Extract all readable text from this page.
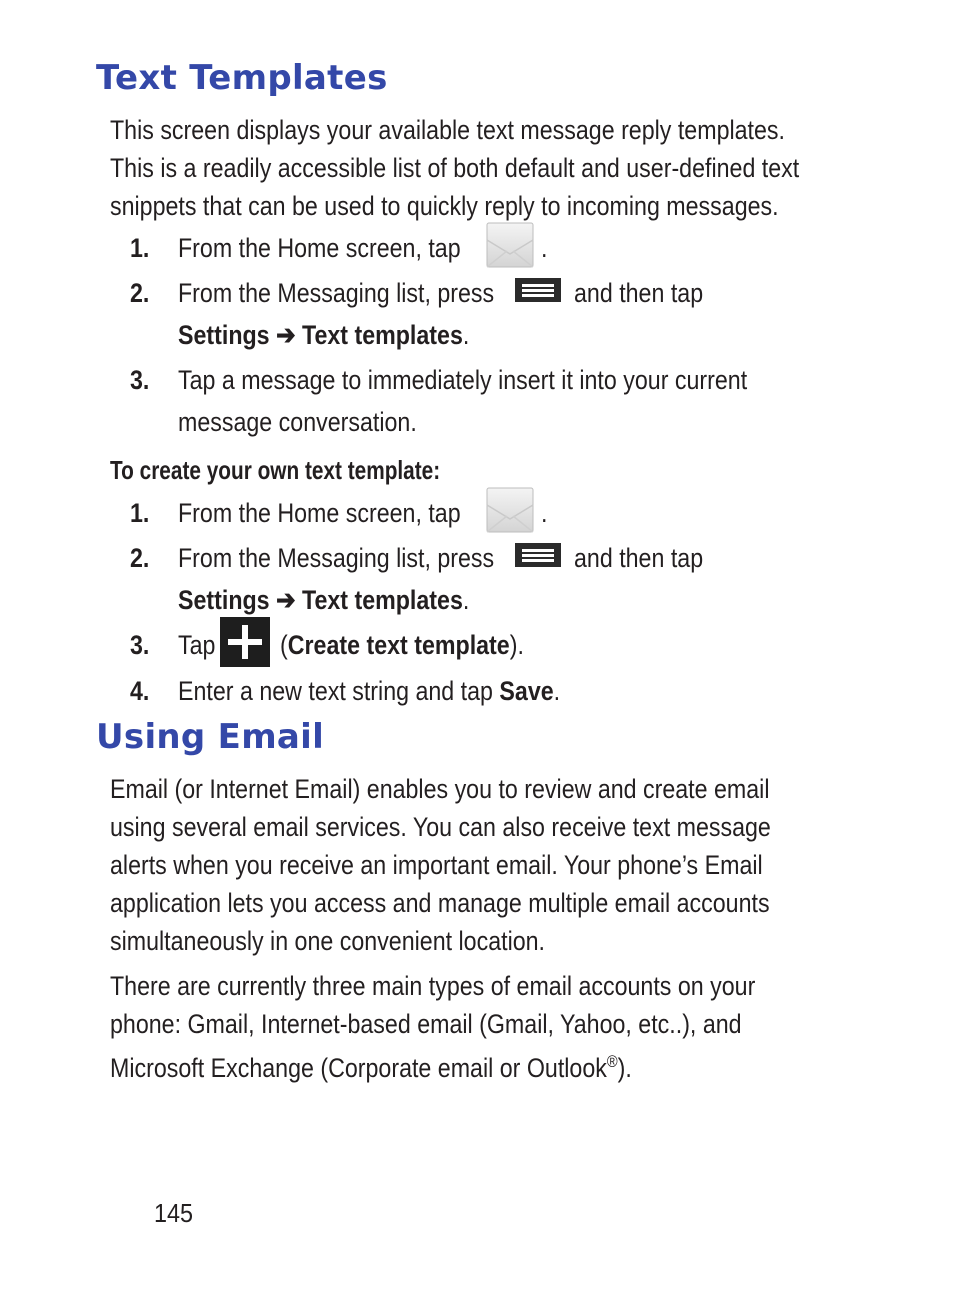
Text Templates
This screen displays your available text message reply templates.
This is a readily accessible list of both default and user-defined text
snippets that can be used to quickly reply to incoming messages.
1.	From the Home screen, tap	.
2.	From the Messaging list, press	and then tap
Settings
➔
Text templates .
3.	Tap a message to immediately insert it into your current
message conversation.
To create your own text template:
1.	From the Home screen, tap	.
2.	From the Messaging list, press	and then tap
Settings
➔
Text templates .
3.	Tap (Create text template).
4.	Enter a new text string and tap Save.
Using Email
Email (or Internet Email) enables you to review and create email
using several email services. You can also receive text message
alerts when you receive an important email. Your phone’s Email
application lets you access and manage multiple email accounts
simultaneously in one convenient location.
There are currently three main types of email accounts on your
phone: Gmail, Internet-based email (Gmail, Yahoo, etc..), and
Microsoft Exchange (Corporate email or Outlook®).
145
